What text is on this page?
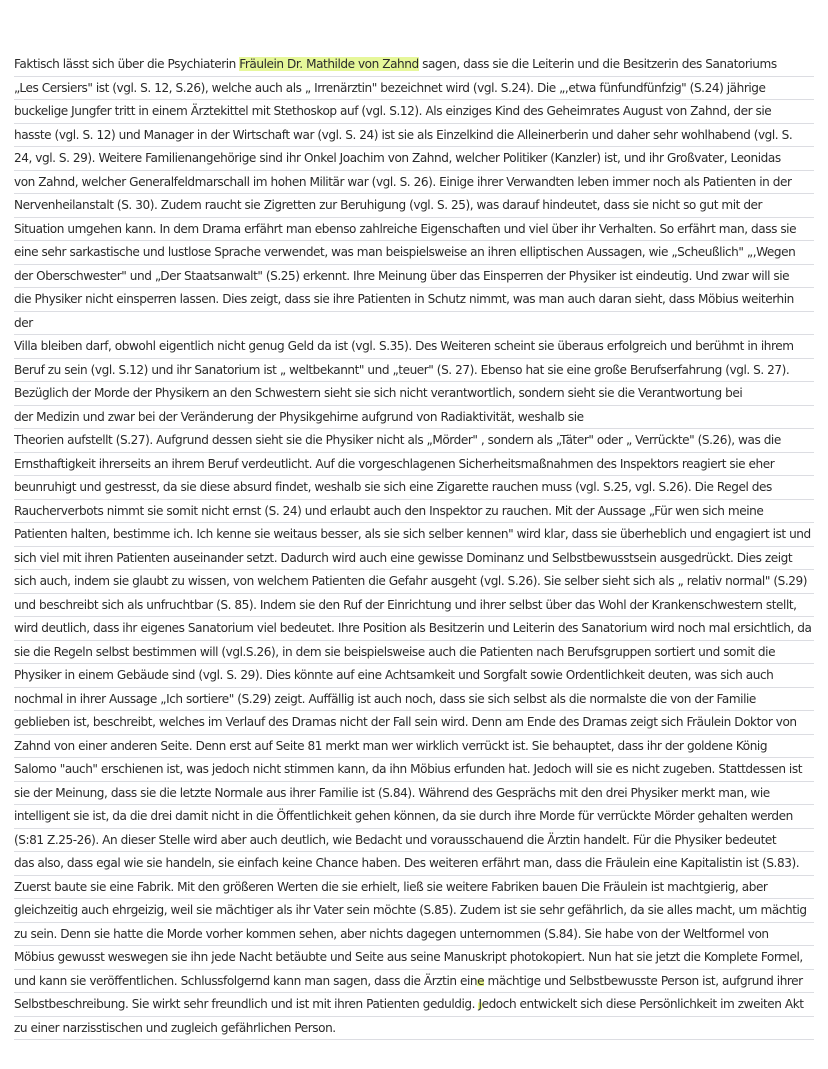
Faktisch lässt sich über die Psychiaterin Fräulein Dr. Mathilde von Zahnd sagen, dass sie die Leiterin und die Besitzerin des Sanatoriums
„Les Cersiers" ist (vgl. S. 12, S.26), welche auch als „ Irrenärztin" bezeichnet wird (vgl. S.24). Die „,etwa fünfundfünfzig" (S.24) jährige
buckelige Jungfer tritt in einem Ärztekittel mit Stethoskop auf (vgl. S.12). Als einziges Kind des Geheimrates August von Zahnd, der sie
hasste (vgl. S. 12) und Manager in der Wirtschaft war (vgl. S. 24) ist sie als Einzelkind die Alleinerberin und daher sehr wohlhabend (vgl. S.
24, vgl. S. 29). Weitere Familienangehörige sind ihr Onkel Joachim von Zahnd, welcher Politiker (Kanzler) ist, und ihr Großvater, Leonidas
von Zahnd, welcher Generalfeldmarschall im hohen Militär war (vgl. S. 26). Einige ihrer Verwandten leben immer noch als Patienten in der
Nervenheilanstalt (S. 30). Zudem raucht sie Zigretten zur Beruhigung (vgl. S. 25), was darauf hindeutet, dass sie nicht so gut mit der
Situation umgehen kann. In dem Drama erfährt man ebenso zahlreiche Eigenschaften und viel über ihr Verhalten. So erfährt man, dass sie
eine sehr sarkastische und lustlose Sprache verwendet, was man beispielsweise an ihren elliptischen Aussagen, wie „Scheußlich" „,Wegen
der Oberschwester" und „Der Staatsanwalt" (S.25) erkennt. Ihre Meinung über das Einsperren der Physiker ist eindeutig. Und zwar will sie
die Physiker nicht einsperren lassen. Dies zeigt, dass sie ihre Patienten in Schutz nimmt, was man auch daran sieht, dass Möbius weiterhin
der
Villa bleiben darf, obwohl eigentlich nicht genug Geld da ist (vgl. S.35). Des Weiteren scheint sie überaus erfolgreich und berühmt in ihrem
Beruf zu sein (vgl. S.12) und ihr Sanatorium ist „ weltbekannt" und „teuer" (S. 27). Ebenso hat sie eine große Berufserfahrung (vgl. S. 27).
Bezüglich der Morde der Physikern an den Schwestern sieht sie sich nicht verantwortlich, sondern sieht sie die Verantwortung bei
der Medizin und zwar bei der Veränderung der Physikgehirne aufgrund von Radiaktivität, weshalb sie
Theorien aufstellt (S.27). Aufgrund dessen sieht sie die Physiker nicht als „Mörder" , sondern als „Täter" oder „ Verrückte" (S.26), was die
Ernsthaftigkeit ihrerseits an ihrem Beruf verdeutlicht. Auf die vorgeschlagenen Sicherheitsmaßnahmen des Inspektors reagiert sie eher
beunruhigt und gestresst, da sie diese absurd findet, weshalb sie sich eine Zigarette rauchen muss (vgl. S.25, vgl. S.26). Die Regel des
Raucherverbots nimmt sie somit nicht ernst (S. 24) und erlaubt auch den Inspektor zu rauchen. Mit der Aussage „Für wen sich meine
Patienten halten, bestimme ich. Ich kenne sie weitaus besser, als sie sich selber kennen" wird klar, dass sie überheblich und engagiert ist und
sich viel mit ihren Patienten auseinander setzt. Dadurch wird auch eine gewisse Dominanz und Selbstbewusstsein ausgedrückt. Dies zeigt
sich auch, indem sie glaubt zu wissen, von welchem Patienten die Gefahr ausgeht (vgl. S.26). Sie selber sieht sich als „ relativ normal" (S.29)
und beschreibt sich als unfruchtbar (S. 85). Indem sie den Ruf der Einrichtung und ihrer selbst über das Wohl der Krankenschwestern stellt,
wird deutlich, dass ihr eigenes Sanatorium viel bedeutet. Ihre Position als Besitzerin und Leiterin des Sanatorium wird noch mal ersichtlich, da
sie die Regeln selbst bestimmen will (vgl.S.26), in dem sie beispielsweise auch die Patienten nach Berufsgruppen sortiert und somit die
Physiker in einem Gebäude sind (vgl. S. 29). Dies könnte auf eine Achtsamkeit und Sorgfalt sowie Ordentlichkeit deuten, was sich auch
nochmal in ihrer Aussage „Ich sortiere" (S.29) zeigt. Auffällig ist auch noch, dass sie sich selbst als die normalste die von der Familie
geblieben ist, beschreibt, welches im Verlauf des Dramas nicht der Fall sein wird. Denn am Ende des Dramas zeigt sich Fräulein Doktor von
Zahnd von einer anderen Seite. Denn erst auf Seite 81 merkt man wer wirklich verrückt ist. Sie behauptet, dass ihr der goldene König
Salomo "auch" erschienen ist, was jedoch nicht stimmen kann, da ihn Möbius erfunden hat. Jedoch will sie es nicht zugeben. Stattdessen ist
sie der Meinung, dass sie die letzte Normale aus ihrer Familie ist (S.84). Während des Gesprächs mit den drei Physiker merkt man, wie
intelligent sie ist, da die drei damit nicht in die Öffentlichkeit gehen können, da sie durch ihre Morde für verrückte Mörder gehalten werden
(S:81 Z.25-26). An dieser Stelle wird aber auch deutlich, wie Bedacht und vorausschauend die Ärztin handelt. Für die Physiker bedeutet
das also, dass egal wie sie handeln, sie einfach keine Chance haben. Des weiteren erfährt man, dass die Fräulein eine Kapitalistin ist (S.83).
Zuerst baute sie eine Fabrik. Mit den größeren Werten die sie erhielt, ließ sie weitere Fabriken bauen Die Fräulein ist machtgierig, aber
gleichzeitig auch ehrgeizig, weil sie mächtiger als ihr Vater sein möchte (S.85). Zudem ist sie sehr gefährlich, da sie alles macht, um mächtig
zu sein. Denn sie hatte die Morde vorher kommen sehen, aber nichts dagegen unternommen (S.84). Sie habe von der Weltformel von
Möbius gewusst weswegen sie ihn jede Nacht betäubte und Seite aus seine Manuskript photokopiert. Nun hat sie jetzt die Komplete Formel,
und kann sie veröffentlichen. Schlussfolgernd kann man sagen, dass die Ärztin eine mächtige und Selbstbewusste Person ist, aufgrund ihrer
Selbstbeschreibung. Sie wirkt sehr freundlich und ist mit ihren Patienten geduldig. Jedoch entwickelt sich diese Persönlichkeit im zweiten Akt
zu einer narzisstischen und zugleich gefährlichen Person.
